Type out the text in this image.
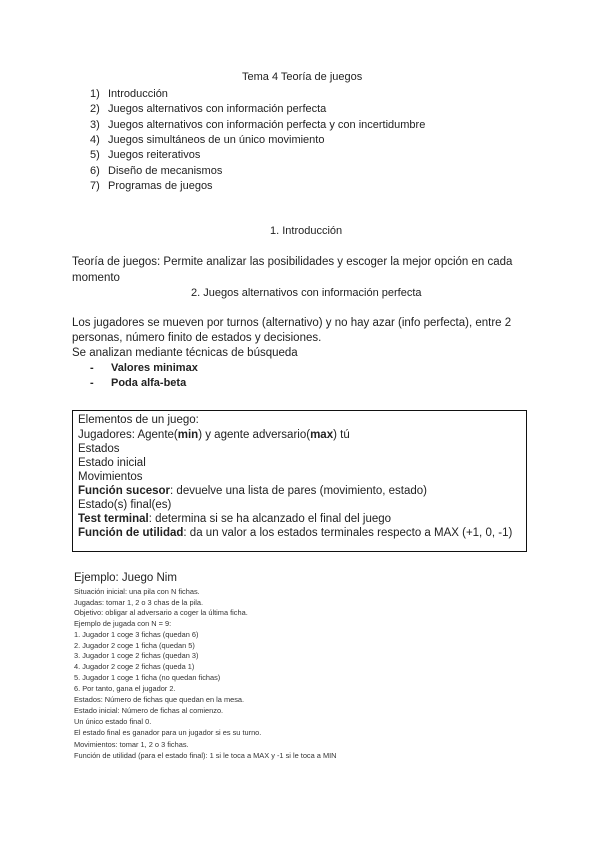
Tema 4 Teoría de juegos
1) Introducción
2) Juegos alternativos con información perfecta
3) Juegos alternativos con información perfecta y con incertidumbre
4) Juegos simultáneos de un único movimiento
5) Juegos reiterativos
6) Diseño de mecanismos
7) Programas de juegos
1. Introducción
Teoría de juegos: Permite analizar las posibilidades y escoger la mejor opción en cada
momento
2. Juegos alternativos con información perfecta
Los jugadores se mueven por turnos (alternativo) y no hay azar (info perfecta), entre 2
personas, número finito de estados y decisiones.
Se analizan mediante técnicas de búsqueda
- Valores minimax
- Poda alfa-beta
Elementos de un juego:
Jugadores: Agente(min) y agente adversario(max) tú
Estados
Estado inicial
Movimientos
Función sucesor: devuelve una lista de pares (movimiento, estado)
Estado(s) final(es)
Test terminal: determina si se ha alcanzado el final del juego
Función de utilidad: da un valor a los estados terminales respecto a MAX (+1, 0, -1)
Ejemplo: Juego Nim
Situación inicial: una pila con N fichas.
Jugadas: tomar 1, 2 o 3 chas de la pila.
Objetivo: obligar al adversario a coger la última ficha.
Ejemplo de jugada con N = 9:
1. Jugador 1 coge 3 fichas (quedan 6)
2. Jugador 2 coge 1 ficha (quedan 5)
3. Jugador 1 coge 2 fichas (quedan 3)
4. Jugador 2 coge 2 fichas (queda 1)
5. Jugador 1 coge 1 ficha (no quedan fichas)
6. Por tanto, gana el jugador 2.
Estados: Número de fichas que quedan en la mesa.
Estado inicial: Número de fichas al comienzo.
Un único estado final 0.
El estado final es ganador para un jugador si es su turno.
Movimientos: tomar 1, 2 o 3 fichas.
Función de utilidad (para el estado final): 1 si le toca a MAX y -1 si le toca a MIN
